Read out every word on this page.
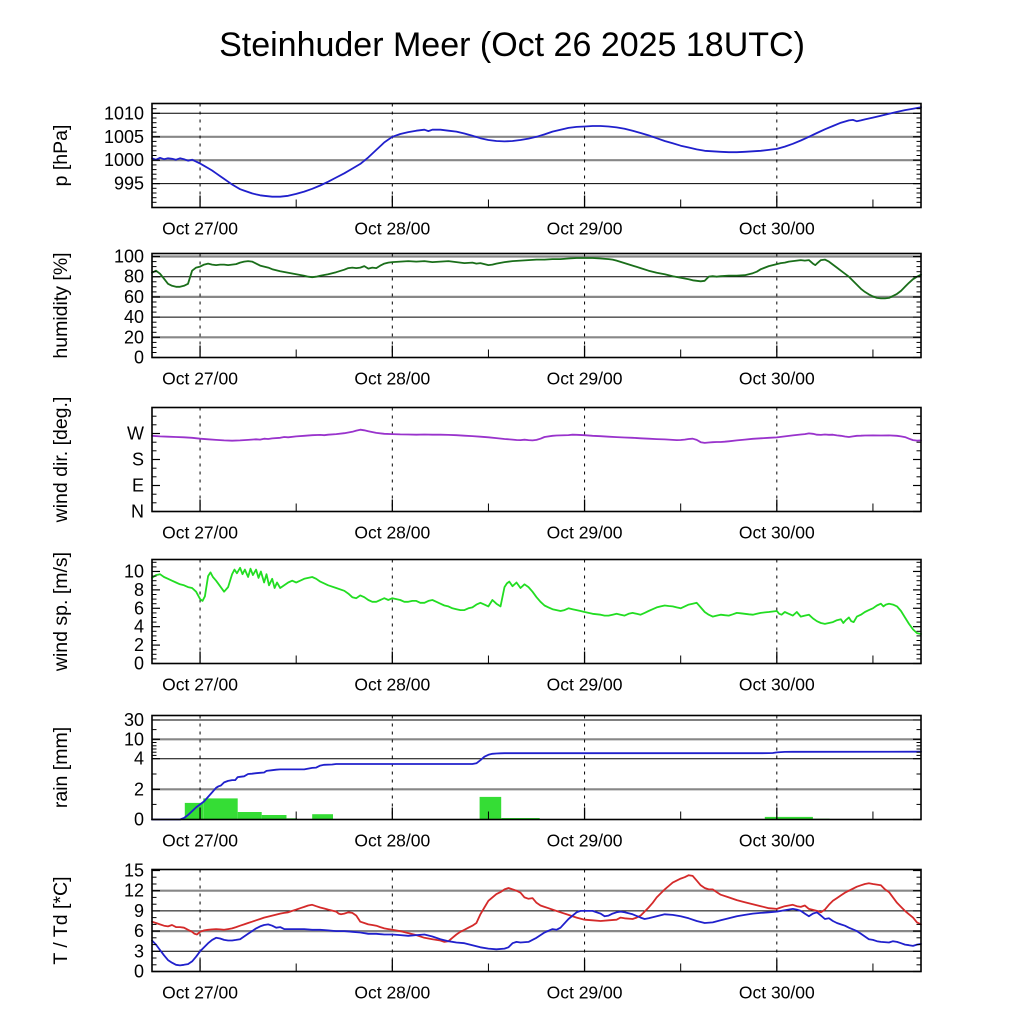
1010
1005
1000
995
Oct 27/00	Oct 28/00	Oct 29/00	Oct 30/00
p [hPa]
100
80
60
40
20
0
Oct 27/00	Oct 28/00	Oct 29/00	Oct 30/00
humidity [%]
W
S
E
N
Oct 27/00	Oct 28/00	Oct 29/00	Oct 30/00
wind dir. [deg.]
10
8
6
4
2
0
Oct 27/00	Oct 28/00	Oct 29/00	Oct 30/00
wind sp. [m/s]
30
10
4
2
0
Oct 27/00	Oct 28/00	Oct 29/00	Oct 30/00
rain [mm]
15
12
9
6
3
0
Oct 27/00	Oct 28/00	Oct 29/00	Oct 30/00
T / Td [*C]
Steinhuder Meer (Oct 26 2025 18UTC)
